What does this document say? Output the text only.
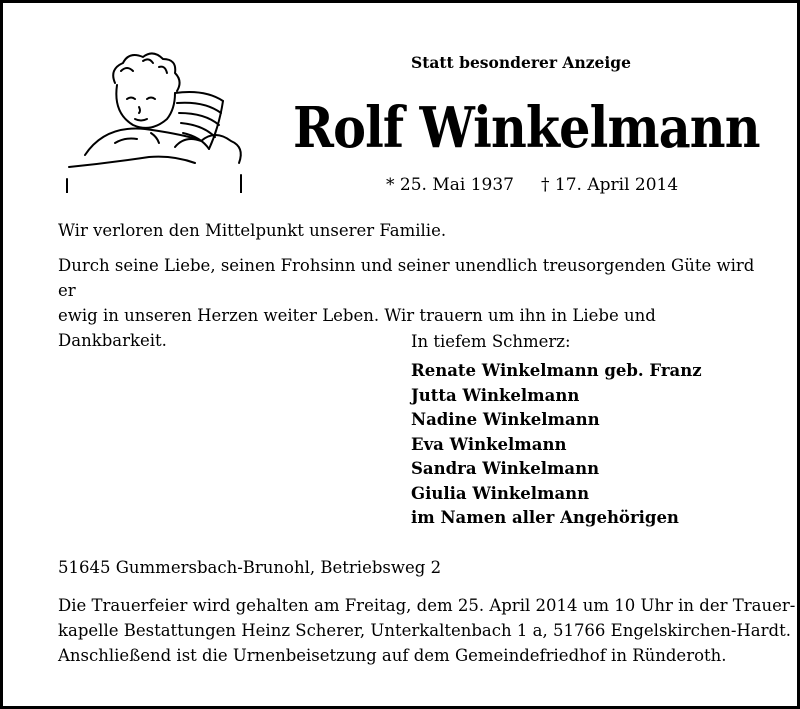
Statt besonderer Anzeige
Rolf Winkelmann
* 25. Mai 1937 † 17. April 2014
Wir verloren den Mittelpunkt unserer Familie.
Durch seine Liebe, seinen Frohsinn und seiner unendlich treusorgenden Güte wird er
ewig in unseren Herzen weiter Leben. Wir trauern um ihn in Liebe und Dankbarkeit.	In tiefem Schmerz:
Renate Winkelmann geb. Franz
Jutta Winkelmann
Nadine Winkelmann
Eva Winkelmann
Sandra Winkelmann
Giulia Winkelmann
im Namen aller Angehörigen
51645 Gummersbach-Brunohl, Betriebsweg 2
Die Trauerfeier wird gehalten am Freitag, dem 25. April 2014 um 10 Uhr in der Trauer-
kapelle Bestattungen Heinz Scherer, Unterkaltenbach 1 a, 51766 Engelskirchen-Hardt.
Anschließend ist die Urnenbeisetzung auf dem Gemeindefriedhof in Ründeroth.
